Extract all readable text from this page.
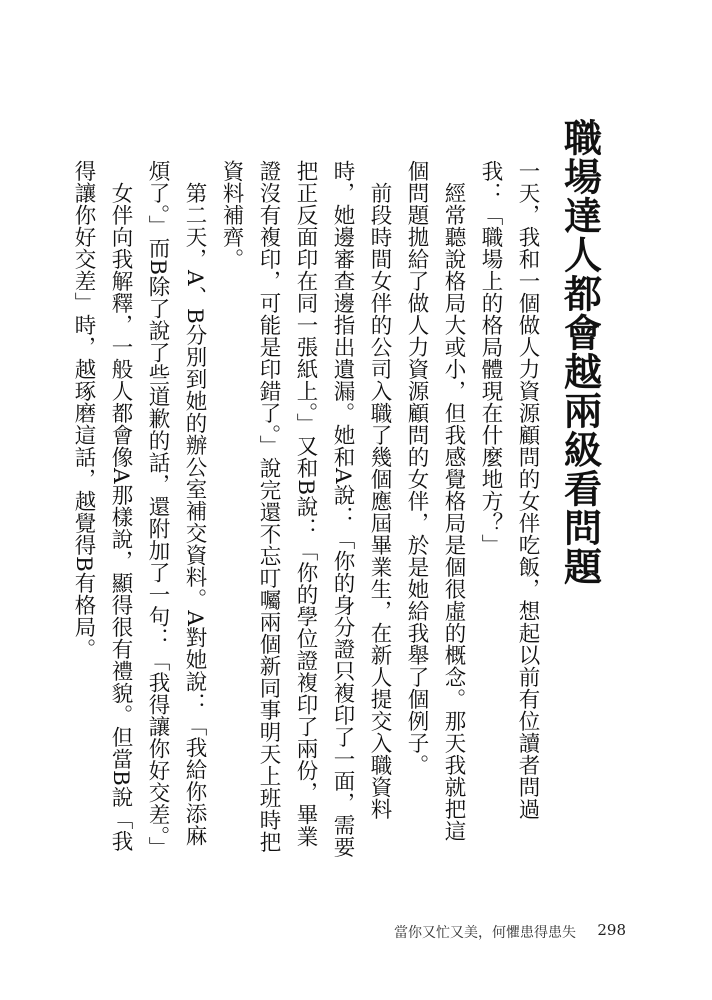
職場達人都會越兩級看問題

一天，我和一個做人力資源顧問的女伴吃飯，想起以前有位讀者問過我：「職場上的格局體現在什麼地方？」

經常聽說格局大或小，但我感覺格局是個很虛的概念。那天我就把這個問題拋給了做人力資源顧問的女伴，於是她給我舉了個例子。

前段時間女伴的公司入職了幾個應屆畢業生，在新人提交入職資料時，她邊審查邊指出遺漏。她和A說：「你的身分證只複印了一面，需要把正反面印在同一張紙上。」又和B說：「你的學位證複印了兩份，畢業證沒有複印，可能是印錯了。」說完還不忘叮囑兩個新同事明天上班時把資料補齊。

第二天，A、B分別到她的辦公室補交資料。A對她說：「我給你添麻煩了。」而B除了說了些道歉的話，還附加了一句：「我得讓你好交差。」

女伴向我解釋，一般人都會像A那樣說，顯得很有禮貌。但當B說「我得讓你好交差」時，越琢磨這話，越覺得B有格局。

當你又忙又美，何懼患得患失 298
